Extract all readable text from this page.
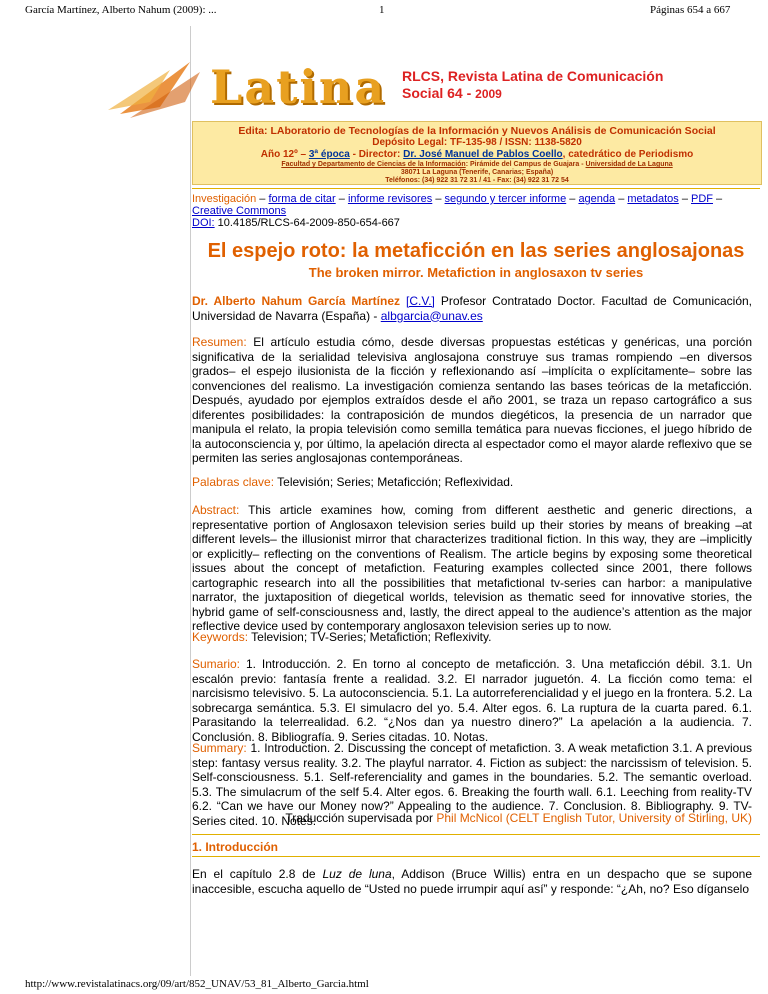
García Martínez, Alberto Nahum (2009): ...	1	Páginas 654 a 667
Latina RLCS, Revista Latina de Comunicación
Social 64 - 2009
Edita: LAboratorio de Tecnologías de la Información y Nuevos Análisis de Comunicación Social
Depósito Legal: TF-135-98 / ISSN: 1138-5820
Año 12º – 3ª época - Director: Dr. José Manuel de Pablos Coello, catedrático de Periodismo
Facultad y Departamento de Ciencias de la Información: Pirámide del Campus de Guajara - Universidad de La Laguna
38071 La Laguna (Tenerife, Canarias; España)
Teléfonos: (34) 922 31 72 31 / 41 - Fax: (34) 922 31 72 54
Investigación – forma de citar – informe revisores – segundo y tercer informe – agenda – metadatos – PDF – Creative Commons
DOI: 10.4185/RLCS-64-2009-850-654-667
El espejo roto: la metaficción en las series anglosajonas
The broken mirror. Metafiction in anglosaxon tv series
Dr. Alberto Nahum García Martínez [C.V.] Profesor Contratado Doctor. Facultad de Comunicación, Universidad de Navarra (España) - albgarcia@unav.es
Resumen: El artículo estudia cómo, desde diversas propuestas estéticas y genéricas, una porción significativa de la serialidad televisiva anglosajona construye sus tramas rompiendo –en diversos grados– el espejo ilusionista de la ficción y reflexionando así –implícita o explícitamente– sobre las convenciones del realismo. La investigación comienza sentando las bases teóricas de la metaficción. Después, ayudado por ejemplos extraídos desde el año 2001, se traza un repaso cartográfico a sus diferentes posibilidades: la contraposición de mundos diegéticos, la presencia de un narrador que manipula el relato, la propia televisión como semilla temática para nuevas ficciones, el juego híbrido de la autoconsciencia y, por último, la apelación directa al espectador como el mayor alarde reflexivo que se permiten las series anglosajonas contemporáneas.
Palabras clave: Televisión; Series; Metaficción; Reflexividad.
Abstract: This article examines how, coming from different aesthetic and generic directions, a representative portion of Anglosaxon television series build up their stories by means of breaking –at different levels– the illusionist mirror that characterizes traditional fiction. In this way, they are –implicitly or explicitly– reflecting on the conventions of Realism. The article begins by exposing some theoretical issues about the concept of metafiction. Featuring examples collected since 2001, there follows cartographic research into all the possibilities that metafictional tv-series can harbor: a manipulative narrator, the juxtaposition of diegetical worlds, television as thematic seed for innovative stories, the hybrid game of self-consciousness and, lastly, the direct appeal to the audience’s attention as the major reflective device used by contemporary anglosaxon television series up to now.
Keywords: Television; TV-Series; Metafiction; Reflexivity.
Sumario: 1. Introducción. 2. En torno al concepto de metaficción. 3. Una metaficción débil. 3.1. Un escalón previo: fantasía frente a realidad. 3.2. El narrador juguetón. 4. La ficción como tema: el narcisismo televisivo. 5. La autoconsciencia. 5.1. La autorreferencialidad y el juego en la frontera. 5.2. La sobrecarga semántica. 5.3. El simulacro del yo. 5.4. Alter egos. 6. La ruptura de la cuarta pared. 6.1. Parasitando la telerrealidad. 6.2. “¿Nos dan ya nuestro dinero?” La apelación a la audiencia. 7. Conclusión. 8. Bibliografía. 9. Series citadas. 10. Notas.
Summary: 1. Introduction. 2. Discussing the concept of metafiction. 3. A weak metafiction 3.1. A previous step: fantasy versus reality. 3.2. The playful narrator. 4. Fiction as subject: the narcissism of television. 5. Self-consciousness. 5.1. Self-referenciality and games in the boundaries. 5.2. The semantic overload. 5.3. The simulacrum of the self 5.4. Alter egos. 6. Breaking the fourth wall. 6.1. Leeching from reality-TV 6.2. “Can we have our Money now?” Appealing to the audience. 7. Conclusion. 8. Bibliography. 9. TV-Series cited. 10. Notes.
Traducción supervisada por Phil McNicol (CELT English Tutor, University of Stirling, UK)
1. Introducción
En el capítulo 2.8 de Luz de luna, Addison (Bruce Willis) entra en un despacho que se supone inaccesible, escucha aquello de “Usted no puede irrumpir aquí así” y responde: “¿Ah, no? Eso díganselo
http://www.revistalatinacs.org/09/art/852_UNAV/53_81_Alberto_Garcia.html
